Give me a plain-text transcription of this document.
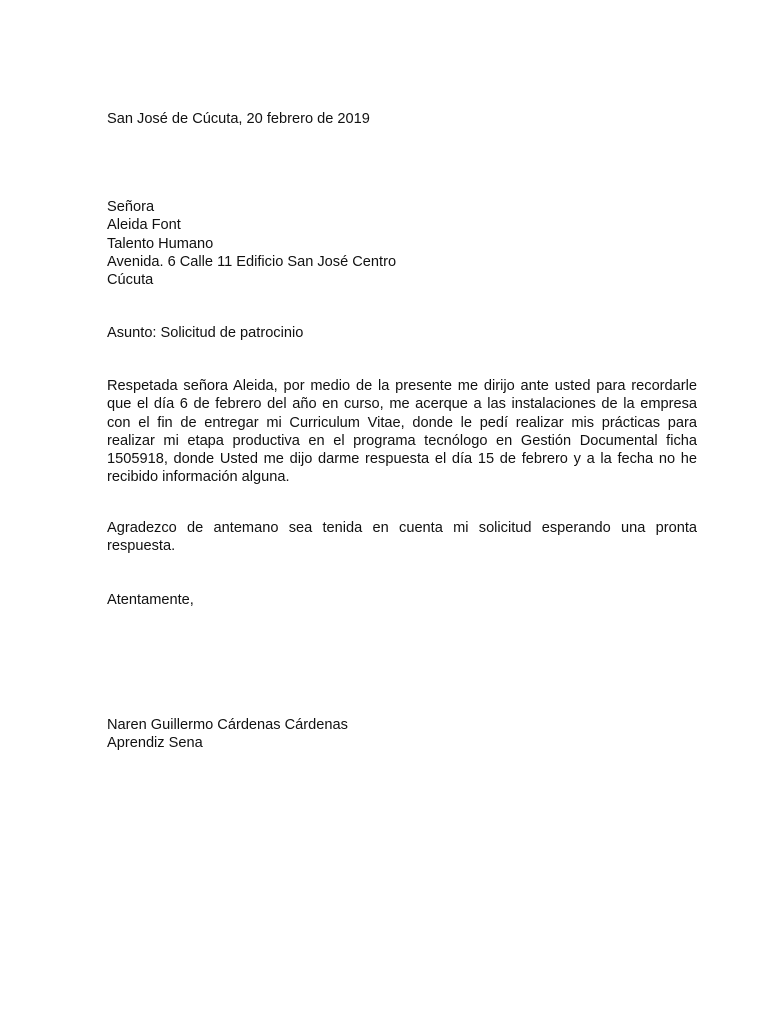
San José de Cúcuta, 20 febrero de 2019
Señora
Aleida Font
Talento Humano
Avenida. 6 Calle 11 Edificio San José Centro
Cúcuta
Asunto: Solicitud de patrocinio

Respetada señora Aleida, por medio de la presente me dirijo ante usted para recordarle que el día 6 de febrero del año en curso, me acerque a las instalaciones de la empresa con el fin de entregar mi Curriculum Vitae, donde le pedí realizar mis prácticas para realizar mi etapa productiva en el programa tecnólogo en Gestión Documental ficha 1505918, donde Usted me dijo darme respuesta el día 15 de febrero y a la fecha no he recibido información alguna.

Agradezco de antemano sea tenida en cuenta mi solicitud esperando una pronta respuesta.

Atentamente,
Naren Guillermo Cárdenas Cárdenas
Aprendiz Sena
